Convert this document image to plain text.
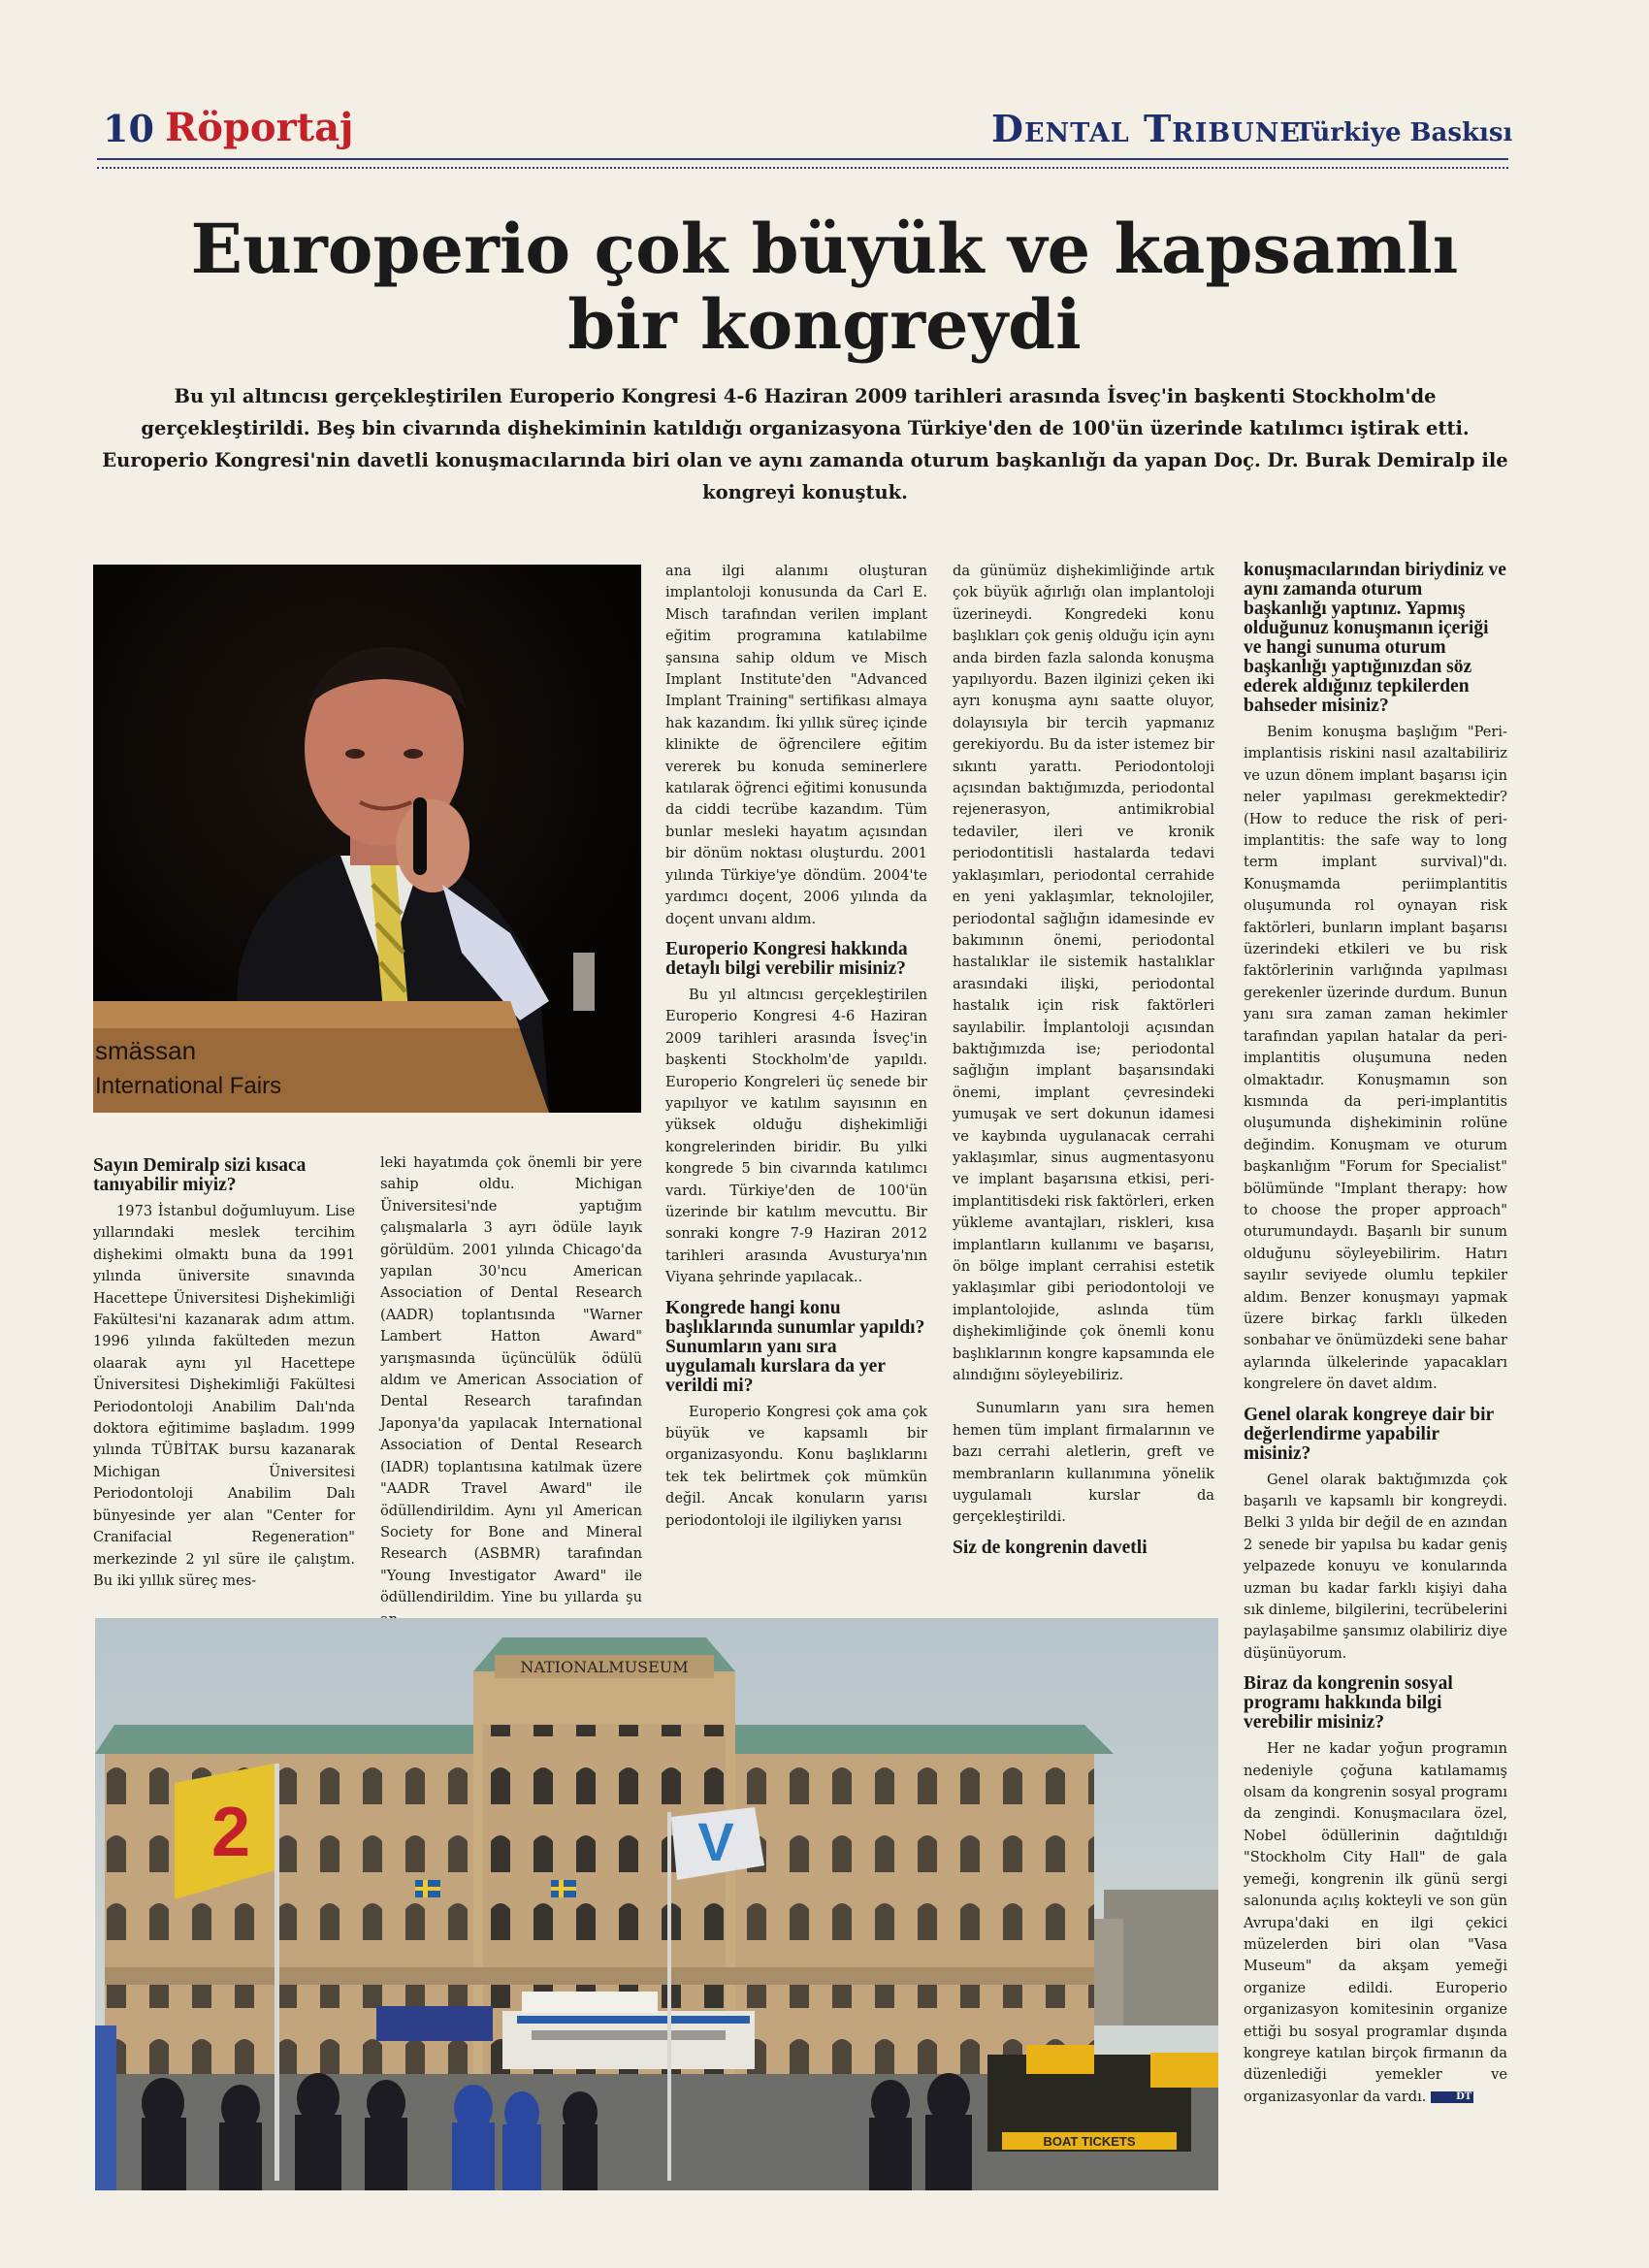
10 Röportaj	Dental Tribune
Türkiye Baskısı
Europerio çok büyük ve kapsamlı
bir kongreydi
Bu yıl altıncısı gerçekleştirilen Europerio Kongresi 4-6 Haziran 2009 tarihleri arasında İsveç'in başkenti Stockholm'de gerçekleştirildi. Beş bin civarında dişhekiminin katıldığı organizasyona Türkiye'den de 100'ün üzerinde katılımcı iştirak etti. Europerio Kongresi'nin davetli konuşmacılarında biri olan ve aynı zamanda oturum başkanlığı da yapan Doç. Dr. Burak Demiralp ile kongreyi konuştuk.
smässan
International Fairs
Sayın Demiralp sizi kısaca tanıyabilir miyiz?

1973 İstanbul doğumluyum. Lise yıllarındaki meslek tercihim dişhekimi olmaktı buna da 1991 yılında üniversite sınavında Hacettepe Üniversitesi Dişhekimliği Fakültesi'ni kazanarak adım attım. 1996 yılında fakülteden mezun olaarak aynı yıl Hacettepe Üniversitesi Dişhekimliği Fakültesi Periodontoloji Anabilim Dalı'nda doktora eğitimime başladım. 1999 yılında TÜBİTAK bursu kazanarak Michigan Üniversitesi Periodontoloji Anabilim Dalı bünyesinde yer alan "Center for Cranifacial Regeneration" merkezinde 2 yıl süre ile çalıştım. Bu iki yıllık süreç mes-

leki hayatımda çok önemli bir yere sahip oldu. Michigan Üniversitesi'nde yaptığım çalışmalarla 3 ayrı ödüle layık görüldüm. 2001 yılında Chicago'da yapılan 30'ncu American Association of Dental Research (AADR) toplantısında "Warner Lambert Hatton Award" yarışmasında üçüncülük ödülü aldım ve American Association of Dental Research tarafından Japonya'da yapılacak International Association of Dental Research (IADR) toplantısına katılmak üzere "AADR Travel Award" ile ödüllendirildim. Aynı yıl American Society for Bone and Mineral Research (ASBMR) tarafından "Young Investigator Award" ile ödüllendirildim. Yine bu yıllarda şu

ana ilgi alanımı oluşturan implantoloji konusunda da Carl E. Misch tarafından verilen implant eğitim programına katılabilme şansına sahip oldum ve Misch Implant Institute'den "Advanced Implant Training" sertifikası almaya hak kazandım. İki yıllık süreç içinde klinikte de öğrencilere eğitim vererek bu konuda seminerlere katılarak öğrenci eğitimi konusunda da ciddi tecrübe kazandım. Tüm bunlar mesleki hayatım açısından bir dönüm noktası oluşturdu. 2001 yılında Türkiye'ye döndüm. 2004'te yardımcı doçent, 2006 yılında da doçent unvanı aldım.

Europerio Kongresi hakkında detaylı bilgi verebilir misiniz?

Bu yıl altıncısı gerçekleştirilen Europerio Kongresi 4-6 Haziran 2009 tarihleri arasında İsveç'in başkenti Stockholm'de yapıldı. Europerio Kongreleri üç senede bir yapılıyor ve katılım sayısının en yüksek olduğu dişhekimliği kongrelerinden biridir. Bu yılki kongrede 5 bin civarında katılımcı vardı. Türkiye'den de 100'ün üzerinde bir katılım mevcuttu. Bir sonraki kongre 7-9 Haziran 2012 tarihleri arasında Avusturya'nın Viyana şehrinde yapılacak..

Kongrede hangi konu başlıklarında sunumlar yapıldı? Sunumların yanı sıra uygulamalı kurslara da yer verildi mi?

Europerio Kongresi çok ama çok büyük ve kapsamlı bir organizasyondu. Konu başlıklarını tek tek belirtmek çok mümkün değil. Ancak konuların yarısı periodontoloji ile ilgiliyken yarısı

da günümüz dişhekimliğinde artık çok büyük ağırlığı olan implantoloji üzerineydi. Kongredeki konu başlıkları çok geniş olduğu için aynı anda birden fazla salonda konuşma yapılıyordu. Bazen ilginizi çeken iki ayrı konuşma aynı saatte oluyor, dolayısıyla bir tercih yapmanız gerekiyordu. Bu da ister istemez bir sıkıntı yarattı. Periodontoloji açısından baktığımızda, periodontal rejenerasyon, antimikrobial tedaviler, ileri ve kronik periodontitisli hastalarda tedavi yaklaşımları, periodontal cerrahide en yeni yaklaşımlar, teknolojiler, periodontal sağlığın idamesinde ev bakımının önemi, periodontal hastalıklar ile sistemik hastalıklar arasındaki ilişki, periodontal hastalık için risk faktörleri sayılabilir. İmplantoloji açısından baktığımızda ise; periodontal sağlığın implant başarısındaki önemi, implant çevresindeki yumuşak ve sert dokunun idamesi ve kaybında uygulanacak cerrahi yaklaşımlar, sinus augmentasyonu ve implant başarısına etkisi, peri-implantitisdeki risk faktörleri, erken yükleme avantajları, riskleri, kısa implantların kullanımı ve başarısı, ön bölge implant cerrahisi estetik yaklaşımlar gibi periodontoloji ve implantolojide, aslında tüm dişhekimliğinde çok önemli konu başlıklarının kongre kapsamında ele alındığını söyleyebiliriz.

Sunumların yanı sıra hemen hemen tüm implant firmalarının ve bazı cerrahi aletlerin, greft ve membranların kullanımına yönelik uygulamalı kurslar da gerçekleştirildi.

Siz de kongrenin davetli
konuşmacılarından biriydiniz ve aynı zamanda oturum başkanlığı yaptınız. Yapmış olduğunuz konuşmanın içeriği ve hangi sunuma oturum başkanlığı yaptığınızdan söz ederek aldığınız tepkilerden bahseder misiniz?

Benim konuşma başlığım "Peri-implantisis riskini nasıl azaltabiliriz ve uzun dönem implant başarısı için neler yapılması gerekmektedir? (How to reduce the risk of peri-implantitis: the safe way to long term implant survival)"dı. Konuşmamda periimplantitis oluşumunda rol oynayan risk faktörleri, bunların implant başarısı üzerindeki etkileri ve bu risk faktörlerinin varlığında yapılması gerekenler üzerinde durdum. Bunun yanı sıra zaman zaman hekimler tarafından yapılan hatalar da peri-implantitis oluşumuna neden olmaktadır. Konuşmamın son kısmında da peri-implantitis oluşumunda dişhekiminin rolüne değindim. Konuşmam ve oturum başkanlığım "Forum for Specialist" bölümünde "Implant therapy: how to choose the proper approach" oturumundaydı. Başarılı bir sunum olduğunu söyleyebilirim. Hatırı sayılır seviyede olumlu tepkiler aldım. Benzer konuşmayı yapmak üzere birkaç farklı ülkeden sonbahar ve önümüzdeki sene bahar aylarında ülkelerinde yapacakları kongrelere ön davet aldım.

Genel olarak kongreye dair bir değerlendirme yapabilir misiniz?

Genel olarak baktığımızda çok başarılı ve kapsamlı bir kongreydi. Belki 3 yılda bir değil de en azından 2 senede bir yapılsa bu kadar geniş yelpazede konuyu ve konularında uzman bu kadar farklı kişiyi daha sık dinleme, bilgilerini, tecrübelerini paylaşabilme şansımız olabiliriz diye düşünüyorum.

Biraz da kongrenin sosyal programı hakkında bilgi verebilir misiniz?

Her ne kadar yoğun programın nedeniyle çoğuna katılamamış olsam da kongrenin sosyal programı da zengindi. Konuşmacılara özel, Nobel ödüllerinin dağıtıldığı "Stockholm City Hall" de gala yemeği, kongrenin ilk günü sergi salonunda açılış kokteyli ve son gün Avrupa'daki en ilgi çekici müzelerden biri olan "Vasa Museum" da akşam yemeği organize edildi. Europerio organizasyon komitesinin organize ettiği bu sosyal programlar dışında kongreye katılan birçok firmanın da düzenlediği yemekler ve organizasyonlar da vardı.	DT

NATIONALMUSEUM
2	V
BOAT TICKETS
